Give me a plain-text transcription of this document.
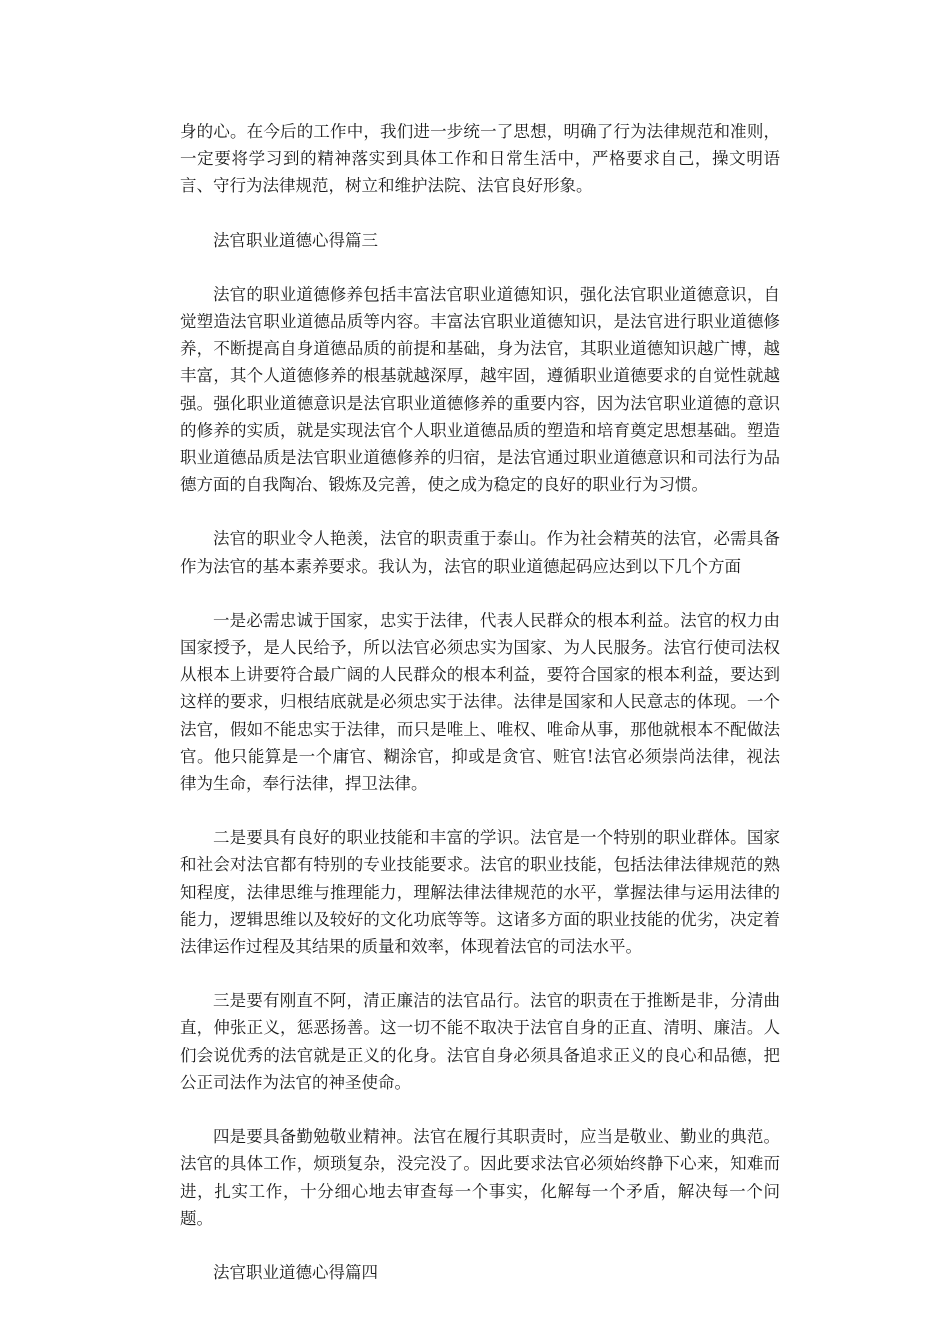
身的心。在今后的工作中，我们进一步统一了思想，明确了行为法律规范和准则，一定要将学习到的精神落实到具体工作和日常生活中，严格要求自己，操文明语言、守行为法律规范，树立和维护法院、法官良好形象。

法官职业道德心得篇三

法官的职业道德修养包括丰富法官职业道德知识，强化法官职业道德意识，自觉塑造法官职业道德品质等内容。丰富法官职业道德知识，是法官进行职业道德修养，不断提高自身道德品质的前提和基础，身为法官，其职业道德知识越广博，越丰富，其个人道德修养的根基就越深厚，越牢固，遵循职业道德要求的自觉性就越强。强化职业道德意识是法官职业道德修养的重要内容，因为法官职业道德的意识的修养的实质，就是实现法官个人职业道德品质的塑造和培育奠定思想基础。塑造职业道德品质是法官职业道德修养的归宿，是法官通过职业道德意识和司法行为品德方面的自我陶冶、锻炼及完善，使之成为稳定的良好的职业行为习惯。

法官的职业令人艳羡，法官的职责重于泰山。作为社会精英的法官，必需具备作为法官的基本素养要求。我认为，法官的职业道德起码应达到以下几个方面

一是必需忠诚于国家，忠实于法律，代表人民群众的根本利益。法官的权力由国家授予，是人民给予，所以法官必须忠实为国家、为人民服务。法官行使司法权从根本上讲要符合最广阔的人民群众的根本利益，要符合国家的根本利益，要达到这样的要求，归根结底就是必须忠实于法律。法律是国家和人民意志的体现。一个法官，假如不能忠实于法律，而只是唯上、唯权、唯命从事，那他就根本不配做法官。他只能算是一个庸官、糊涂官，抑或是贪官、赃官!法官必须崇尚法律，视法律为生命，奉行法律，捍卫法律。

二是要具有良好的职业技能和丰富的学识。法官是一个特别的职业群体。国家和社会对法官都有特别的专业技能要求。法官的职业技能，包括法律法律规范的熟知程度，法律思维与推理能力，理解法律法律规范的水平，掌握法律与运用法律的能力，逻辑思维以及较好的文化功底等等。这诸多方面的职业技能的优劣，决定着法律运作过程及其结果的质量和效率，体现着法官的司法水平。

三是要有刚直不阿，清正廉洁的法官品行。法官的职责在于推断是非，分清曲直，伸张正义，惩恶扬善。这一切不能不取决于法官自身的正直、清明、廉洁。人们会说优秀的法官就是正义的化身。法官自身必须具备追求正义的良心和品德，把公正司法作为法官的神圣使命。

四是要具备勤勉敬业精神。法官在履行其职责时，应当是敬业、勤业的典范。法官的具体工作，烦琐复杂，没完没了。因此要求法官必须始终静下心来，知难而进，扎实工作，十分细心地去审查每一个事实，化解每一个矛盾，解决每一个问题。

法官职业道德心得篇四
